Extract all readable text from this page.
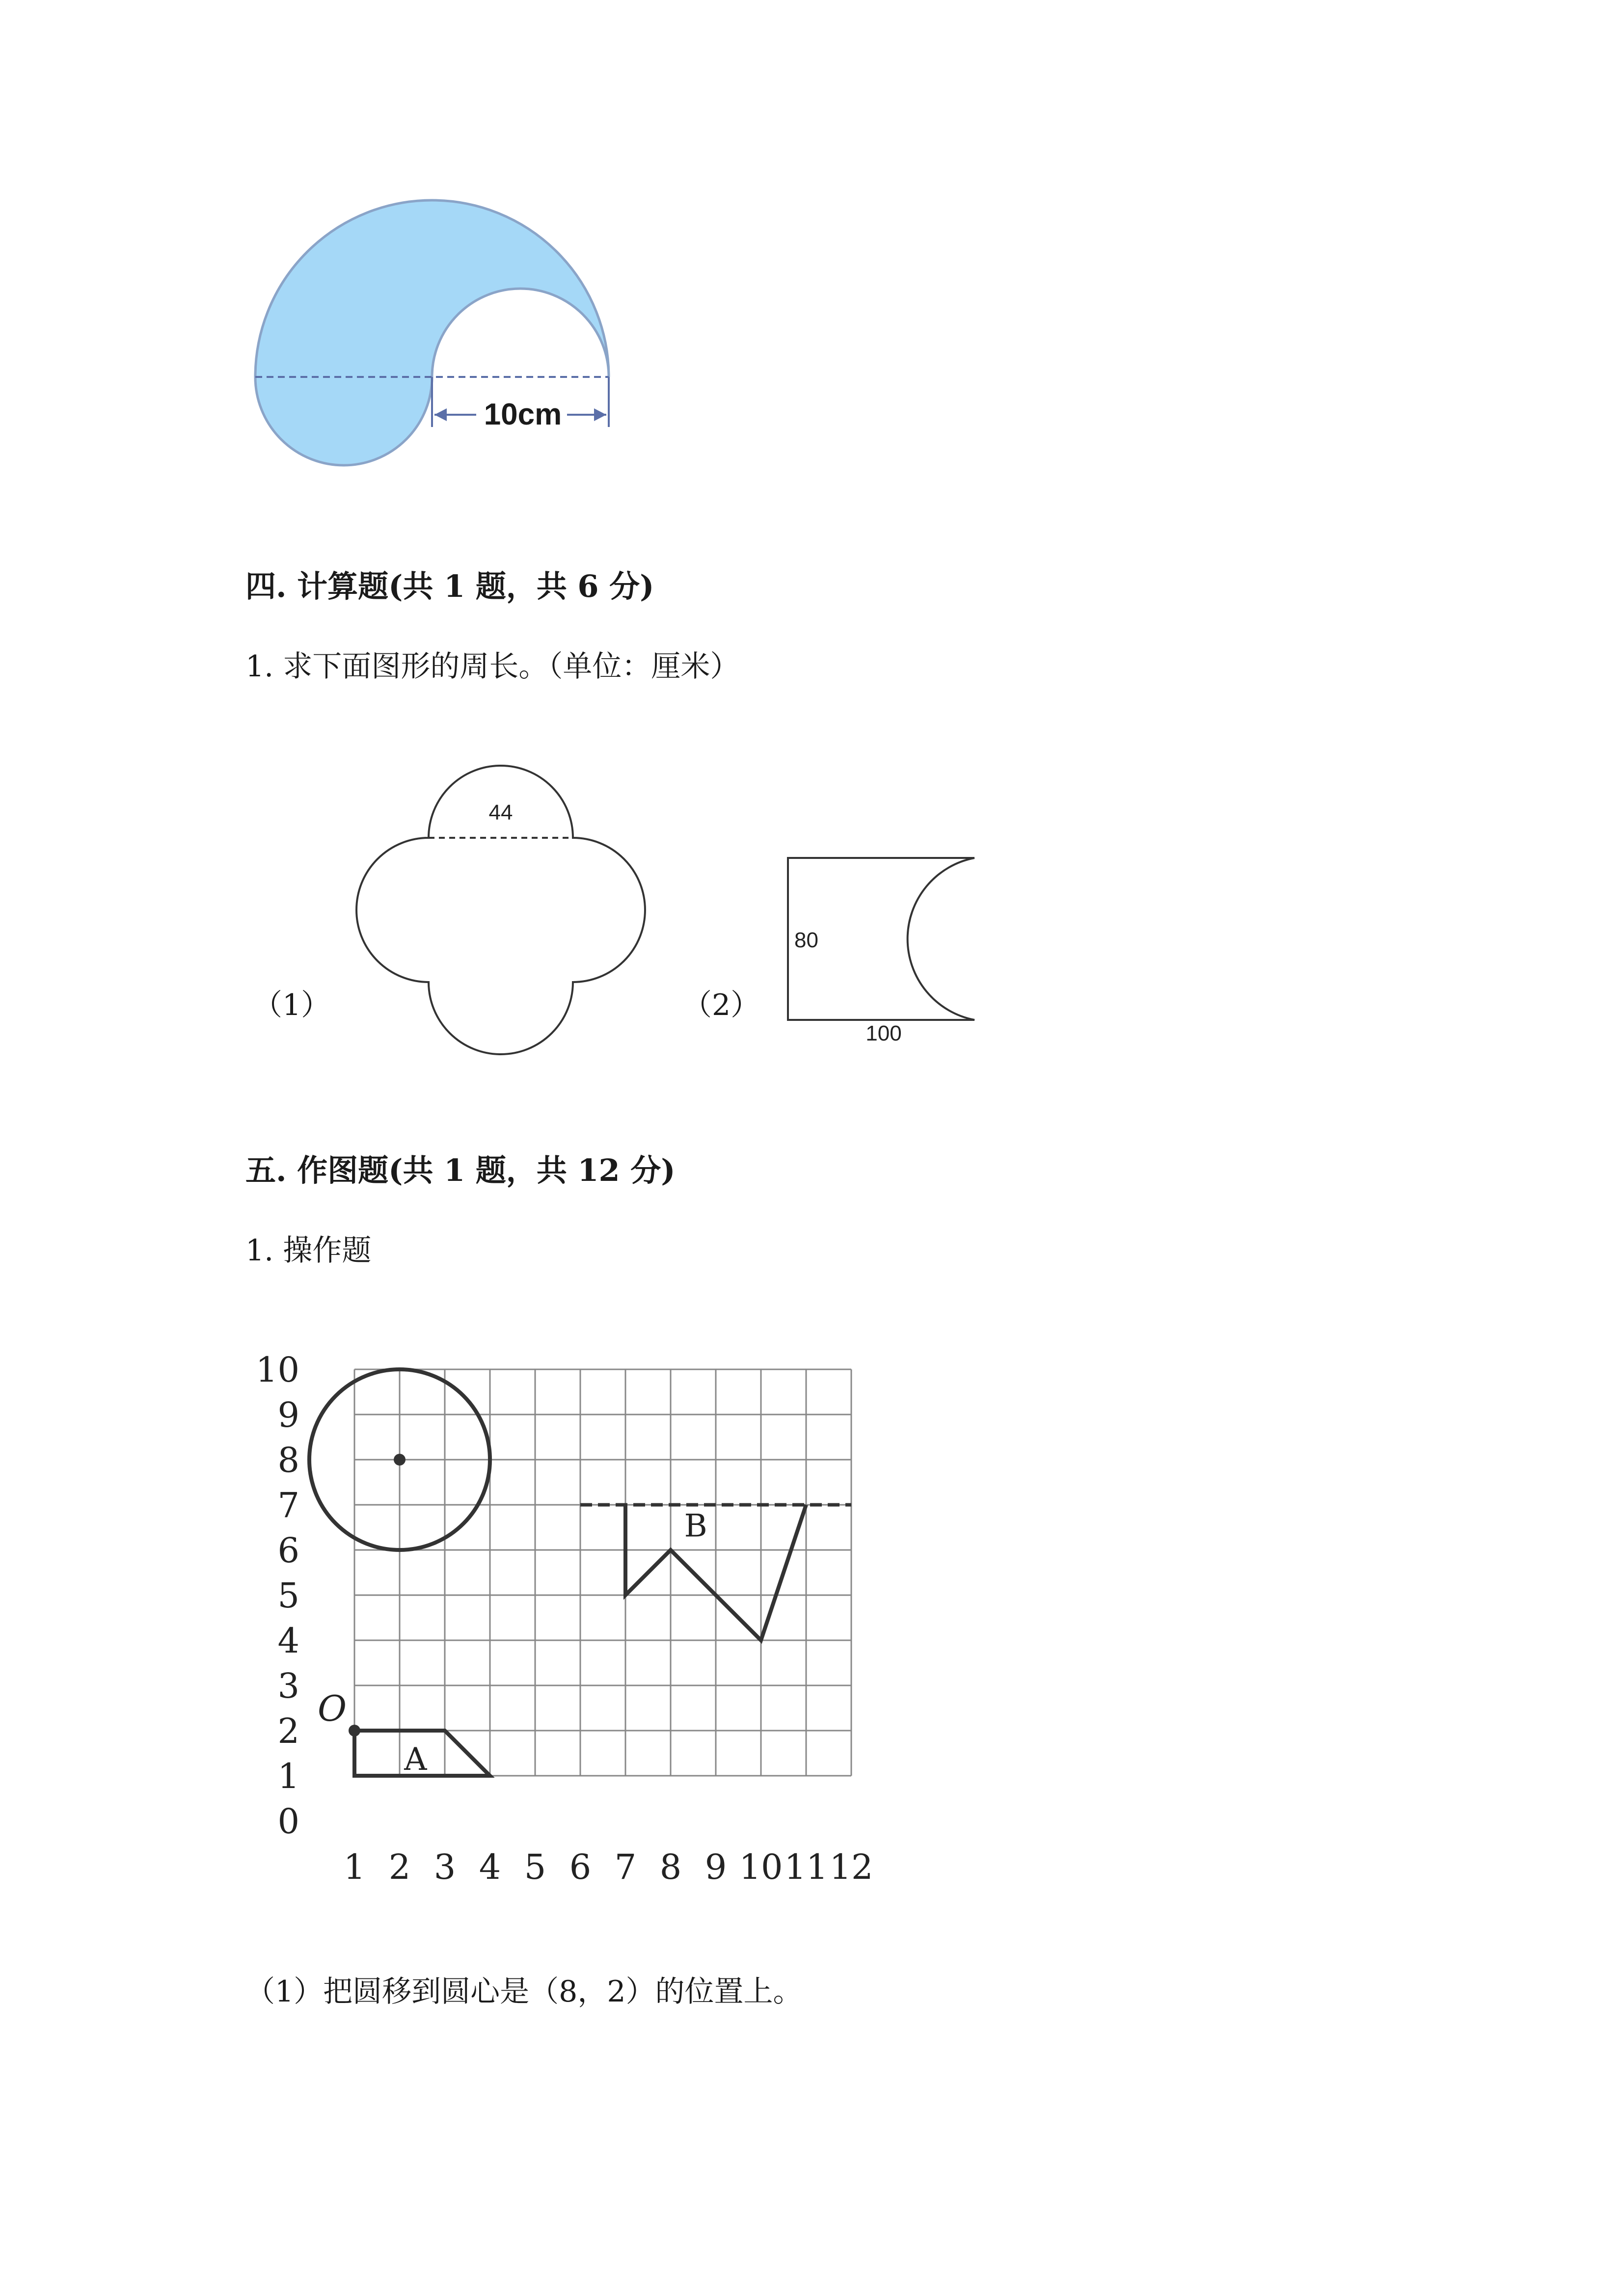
10cm
四. 计算题(共 1 题，共 6 分)
1. 求下面图形的周长。（单位：厘米）
（1）
44
（2）
80
100
五. 作图题(共 1 题，共 12 分)
1. 操作题
1 2 3 4 5 6 7 8 9 10 11 12
0
1
2
3
4
5
6
7
8
9
10
O
A
B
（1）把圆移到圆心是（8，2）的位置上。
